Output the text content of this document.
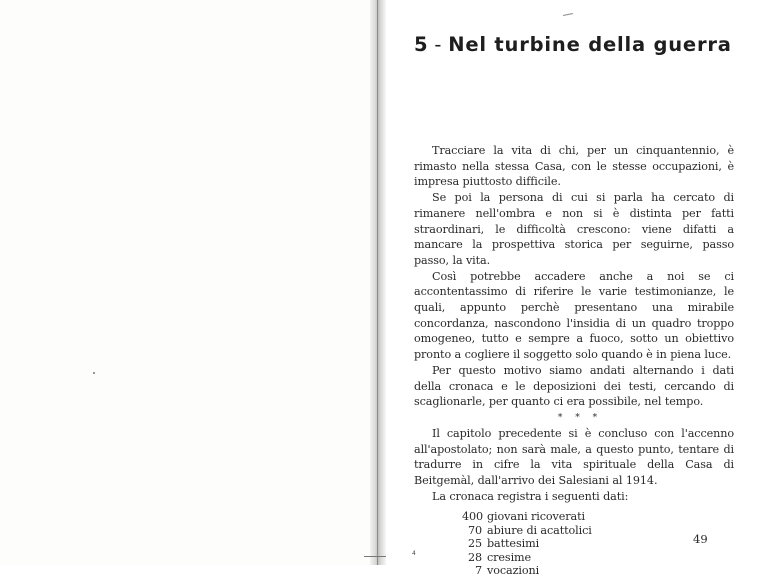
5 - Nel turbine della guerra

Tracciare la vita di chi, per un cinquantennio, è rimasto nella stessa Casa, con le stesse occupazioni, è impresa piuttosto difficile.

Se poi la persona di cui si parla ha cercato di rimanere nell'ombra e non si è distinta per fatti straordinari, le difficoltà crescono: viene difatti a mancare la prospettiva storica per seguirne, passo passo, la vita.

Così potrebbe accadere anche a noi se ci accontentassimo di riferire le varie testimonianze, le quali, appunto perchè presentano una mirabile concordanza, nascondono l'insidia di un quadro troppo omogeneo, tutto e sempre a fuoco, sotto un obiettivo pronto a cogliere il soggetto solo quando è in piena luce.

Per questo motivo siamo andati alternando i dati della cronaca e le deposizioni dei testi, cercando di scaglionarle, per quanto ci era possibile, nel tempo.

* * *

Il capitolo precedente si è concluso con l'accenno all'apostolato; non sarà male, a questo punto, tentare di tradurre in cifre la vita spirituale della Casa di Beitgemàl, dall'arrivo dei Salesiani al 1914.

La cronaca registra i seguenti dati:

400 giovani ricoverati
70 abiure di acattolici
25 battesimi
28 cresime
7 vocazioni
49
4
